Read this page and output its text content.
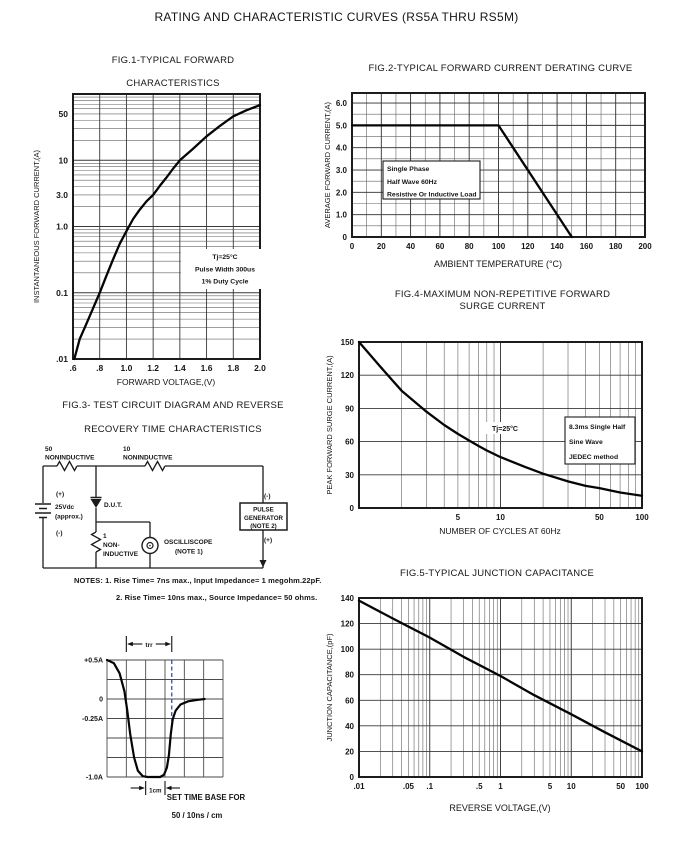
RATING AND CHARACTERISTIC CURVES (RS5A THRU RS5M)
FIG.1-TYPICAL FORWARD
CHARACTERISTICS
Tj=25°C
Pulse Width 300us
1% Duty Cycle
.6 .8 1.0 1.2 1.4 1.6 1.8 2.0
50
10
3.0
1.0
0.1
.01
FORWARD VOLTAGE,(V)
INSTANTANEOUS FORWARD CURRENT,(A)
FIG.2-TYPICAL FORWARD CURRENT DERATING CURVE
Single Phase
Half Wave 60Hz
Resistive Or Inductive Load
0	20	40	60	80 100 120 140 160 180 200
0
1.0
2.0
3.0
4.0
5.0
6.0
AMBIENT TEMPERATURE (°C)
AVERAGE FORWARD CURRENT,(A)
FIG.4-MAXIMUM NON-REPETITIVE FORWARD
SURGE CURRENT
Tj=25°C	8.3ms Single Half
Sine Wave
JEDEC method
5	10	50	100
0
30
60
90
120
150
NUMBER OF CYCLES AT 60Hz
PEAK FORWARD SURGE CURRENT,(A)
FIG.5-TYPICAL JUNCTION CAPACITANCE
.01	.05 .1	.5 1	5 10	50 100
0
20
40
60
80
100
120
140
REVERSE VOLTAGE,(V)
JUNCTION CAPACITANCE,(pF)
FIG.3- TEST CIRCUIT DIAGRAM AND REVERSE
RECOVERY TIME CHARACTERISTICS
50
NONINDUCTIVE
10
NONINDUCTIVE
(+)
25Vdc
(approx.)
(-)
D.U.T.
1
NON-
INDUCTIVE
OSCILLISCOPE
(NOTE 1)
PULSE
GENERATOR
(NOTE 2)
(-)
(+)
NOTES: 1. Rise Time= 7ns max., Input Impedance= 1 megohm.22pF.
2. Rise Time= 10ns max., Source Impedance= 50 ohms.
+0.5A
0
-0.25A
-1.0A
trr
1cm
SET TIME BASE FOR
50 / 10ns / cm
